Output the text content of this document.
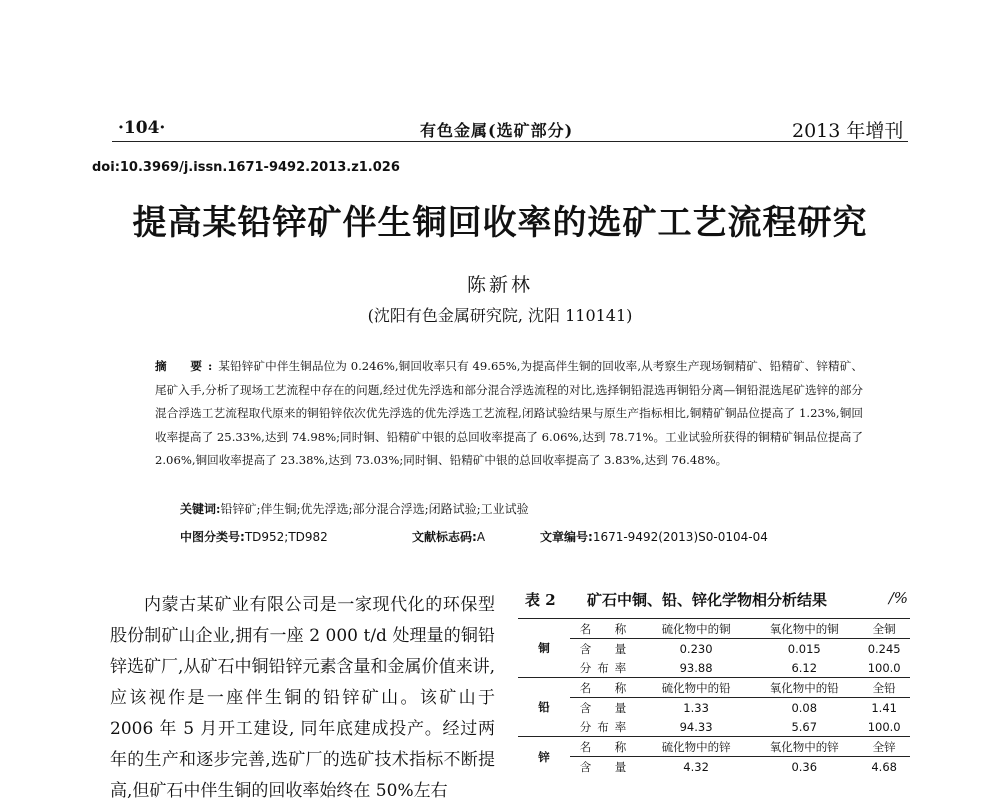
·104·	有色金属(选矿部分)	2013 年增刊
doi:10.3969/j.issn.1671-9492.2013.z1.026
提高某铅锌矿伴生铜回收率的选矿工艺流程研究
陈新林
(沈阳有色金属研究院, 沈阳 110141)
摘　要:某铅锌矿中伴生铜品位为 0.246%,铜回收率只有 49.65%,为提高伴生铜的回收率,从考察生产现场铜精矿、铅精矿、锌精矿、尾矿入手,分析了现场工艺流程中存在的问题,经过优先浮选和部分混合浮选流程的对比,选择铜铅混选再铜铅分离—铜铅混选尾矿选锌的部分混合浮选工艺流程取代原来的铜铅锌依次优先浮选的优先浮选工艺流程,闭路试验结果与原生产指标相比,铜精矿铜品位提高了 1.23%,铜回收率提高了 25.33%,达到 74.98%;同时铜、铅精矿中银的总回收率提高了 6.06%,达到 78.71%。工业试验所获得的铜精矿铜品位提高了 2.06%,铜回收率提高了 23.38%,达到 73.03%;同时铜、铅精矿中银的总回收率提高了 3.83%,达到 76.48%。
关键词:铅锌矿;伴生铜;优先浮选;部分混合浮选;闭路试验;工业试验
中图分类号:TD952;TD982	文献标志码:A	文章编号:1671-9492(2013)S0-0104-04
内蒙古某矿业有限公司是一家现代化的环保型股份制矿山企业,拥有一座 2 000 t/d 处理量的铜铅锌选矿厂,从矿石中铜铅锌元素含量和金属价值来讲,应该视作是一座伴生铜的铅锌矿山。该矿山于 2006 年 5 月开工建设, 同年底建成投产。经过两年的生产和逐步完善,选矿厂的选矿技术指标不断提高,但矿石中伴生铜的回收率始终在 50%左右
表 2 矿石中铜、铅、锌化学物相分析结果	/%
铜	名　称	硫化物中的铜	氧化物中的铜	全铜
	含　量	0.230	0.015	0.245
	分布率	93.88	6.12	100.0
铅	名　称	硫化物中的铅	氧化物中的铅	全铅
	含　量	1.33	0.08	1.41
	分布率	94.33	5.67	100.0
锌	名　称	硫化物中的锌	氧化物中的锌	全锌
	含　量	4.32	0.36	4.68
